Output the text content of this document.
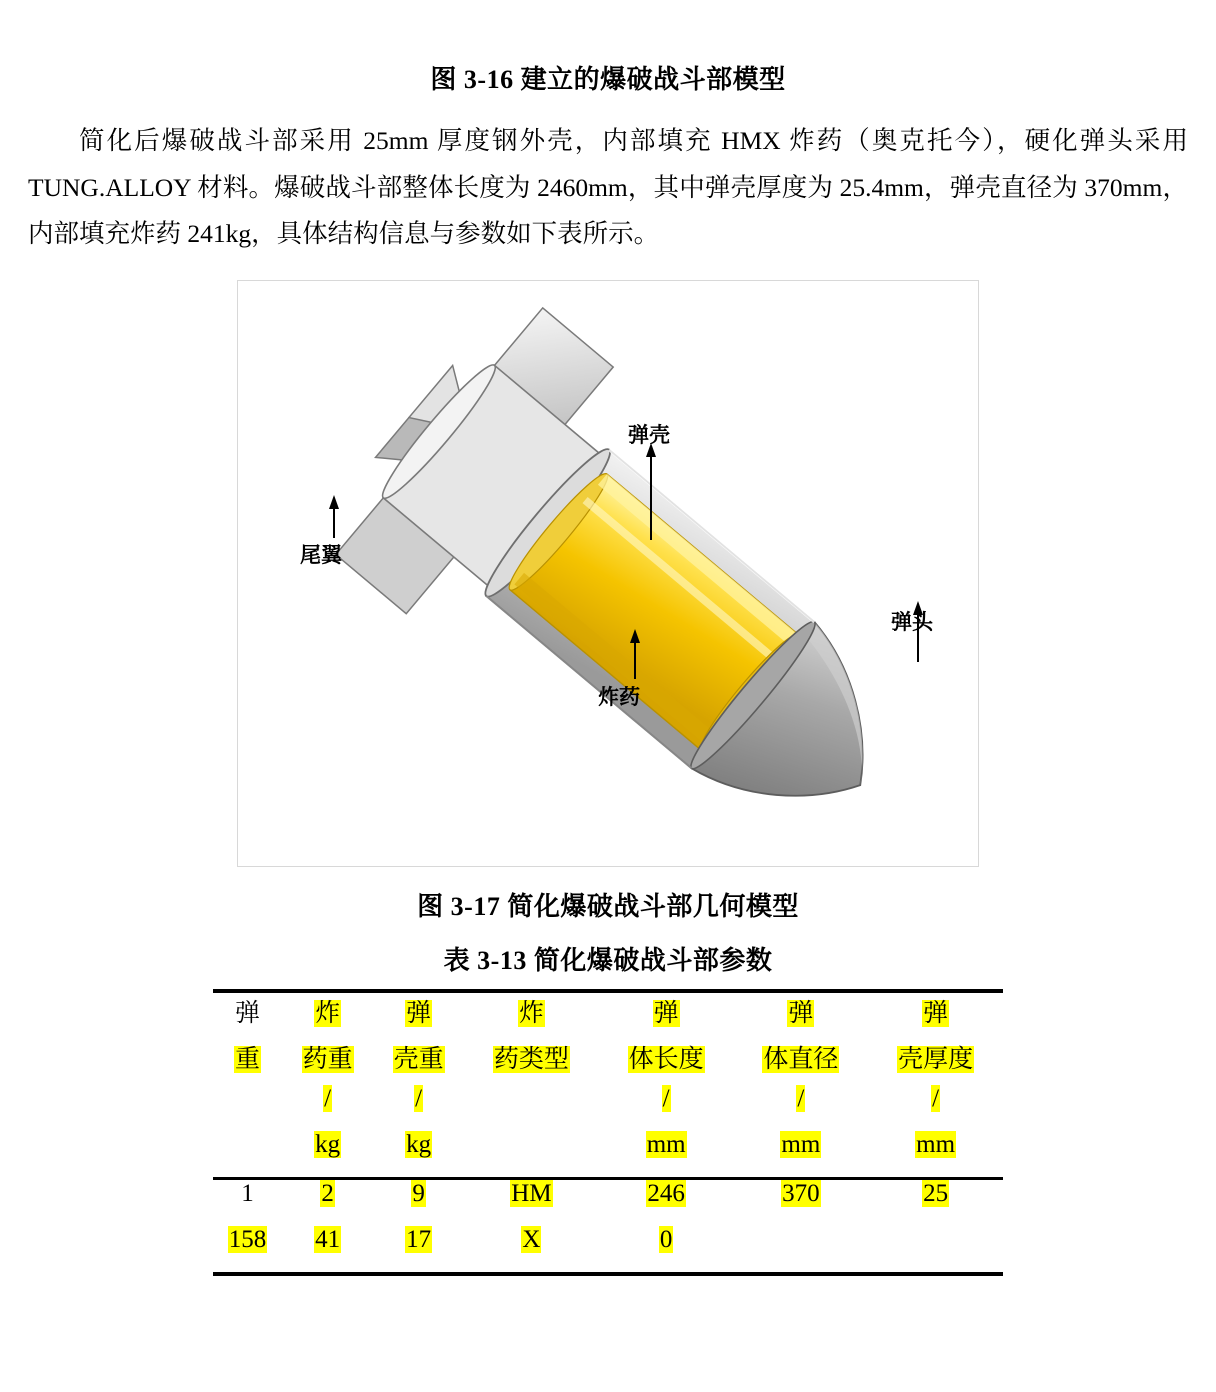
图 3-16 建立的爆破战斗部模型
简化后爆破战斗部采用 25mm 厚度钢外壳，内部填充 HMX 炸药（奥克托今），硬化弹头采用 TUNG.ALLOY 材料。爆破战斗部整体长度为 2460mm，其中弹壳厚度为 25.4mm，弹壳直径为 370mm，内部填充炸药 241kg，具体结构信息与参数如下表所示。
尾翼
炸药
弹壳
弹头
图 3-17 简化爆破战斗部几何模型
表 3-13 简化爆破战斗部参数
弹	炸	弹	炸	弹	弹	弹
重	药重	壳重	药类型	体长度	体直径	壳厚度
	/	/		/	/	/
	kg	kg		mm	mm	mm
1	2	9	HM	246	370	25
158	41	17	X	0		
